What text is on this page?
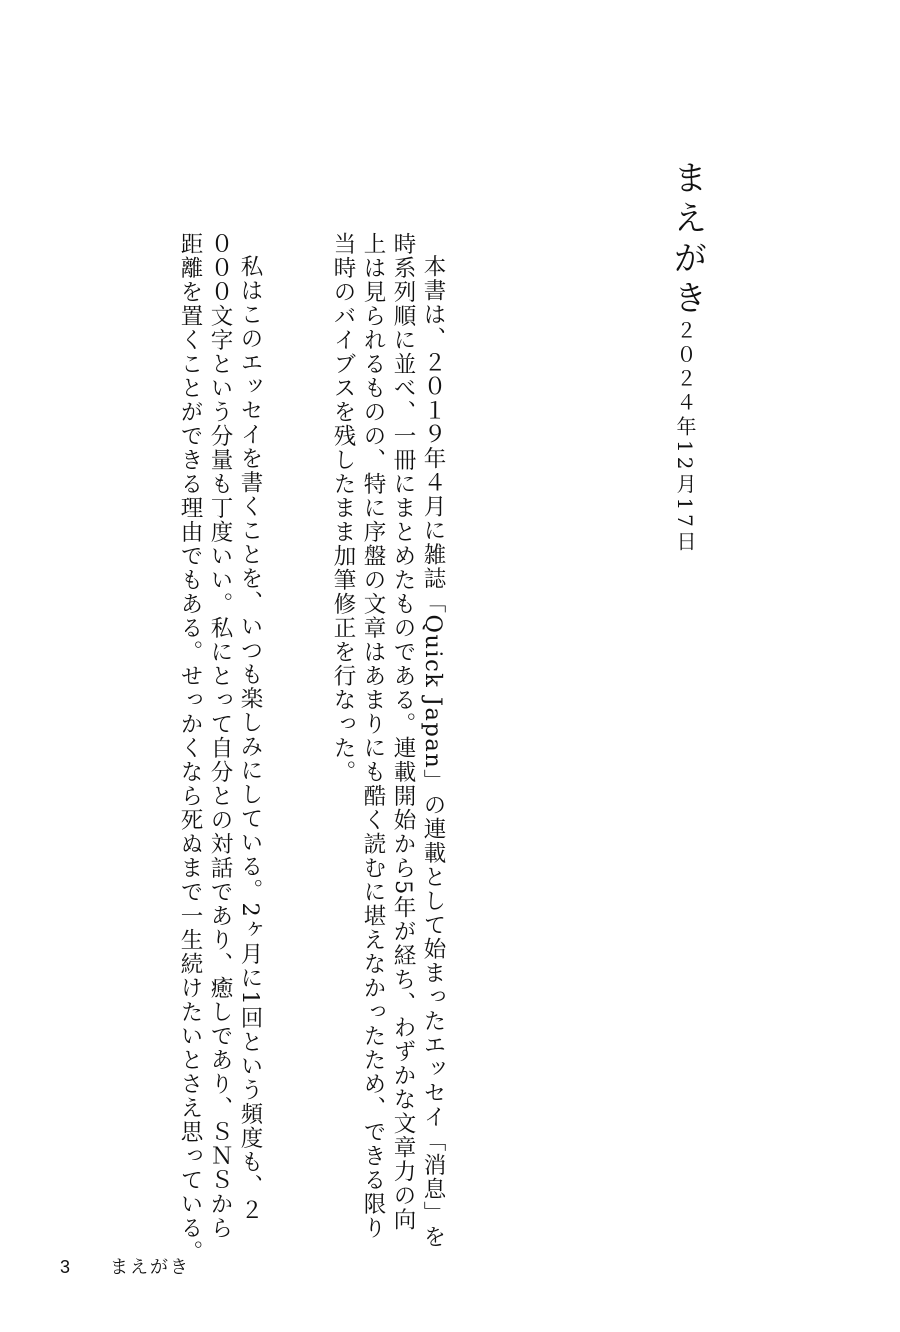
まえがき
２０２４年12月17日
本書は、２０１９年４月に雑誌「Quick Japan」の連載として始まったエッセイ「消息」を
時系列順に並べ、一冊にまとめたものである。連載開始から5年が経ち、わずかな文章力の向
上は見られるものの、特に序盤の文章はあまりにも酷く読むに堪えなかったため、できる限り
当時のバイブスを残したまま加筆修正を行なった。
私はこのエッセイを書くことを、いつも楽しみにしている。2ヶ月に1回という頻度も、２
０００文字という分量も丁度いい。私にとって自分との対話であり、癒しであり、ＳＮＳから
距離を置くことができる理由でもある。せっかくなら死ぬまで一生続けたいとさえ思っている。
3 まえがき
